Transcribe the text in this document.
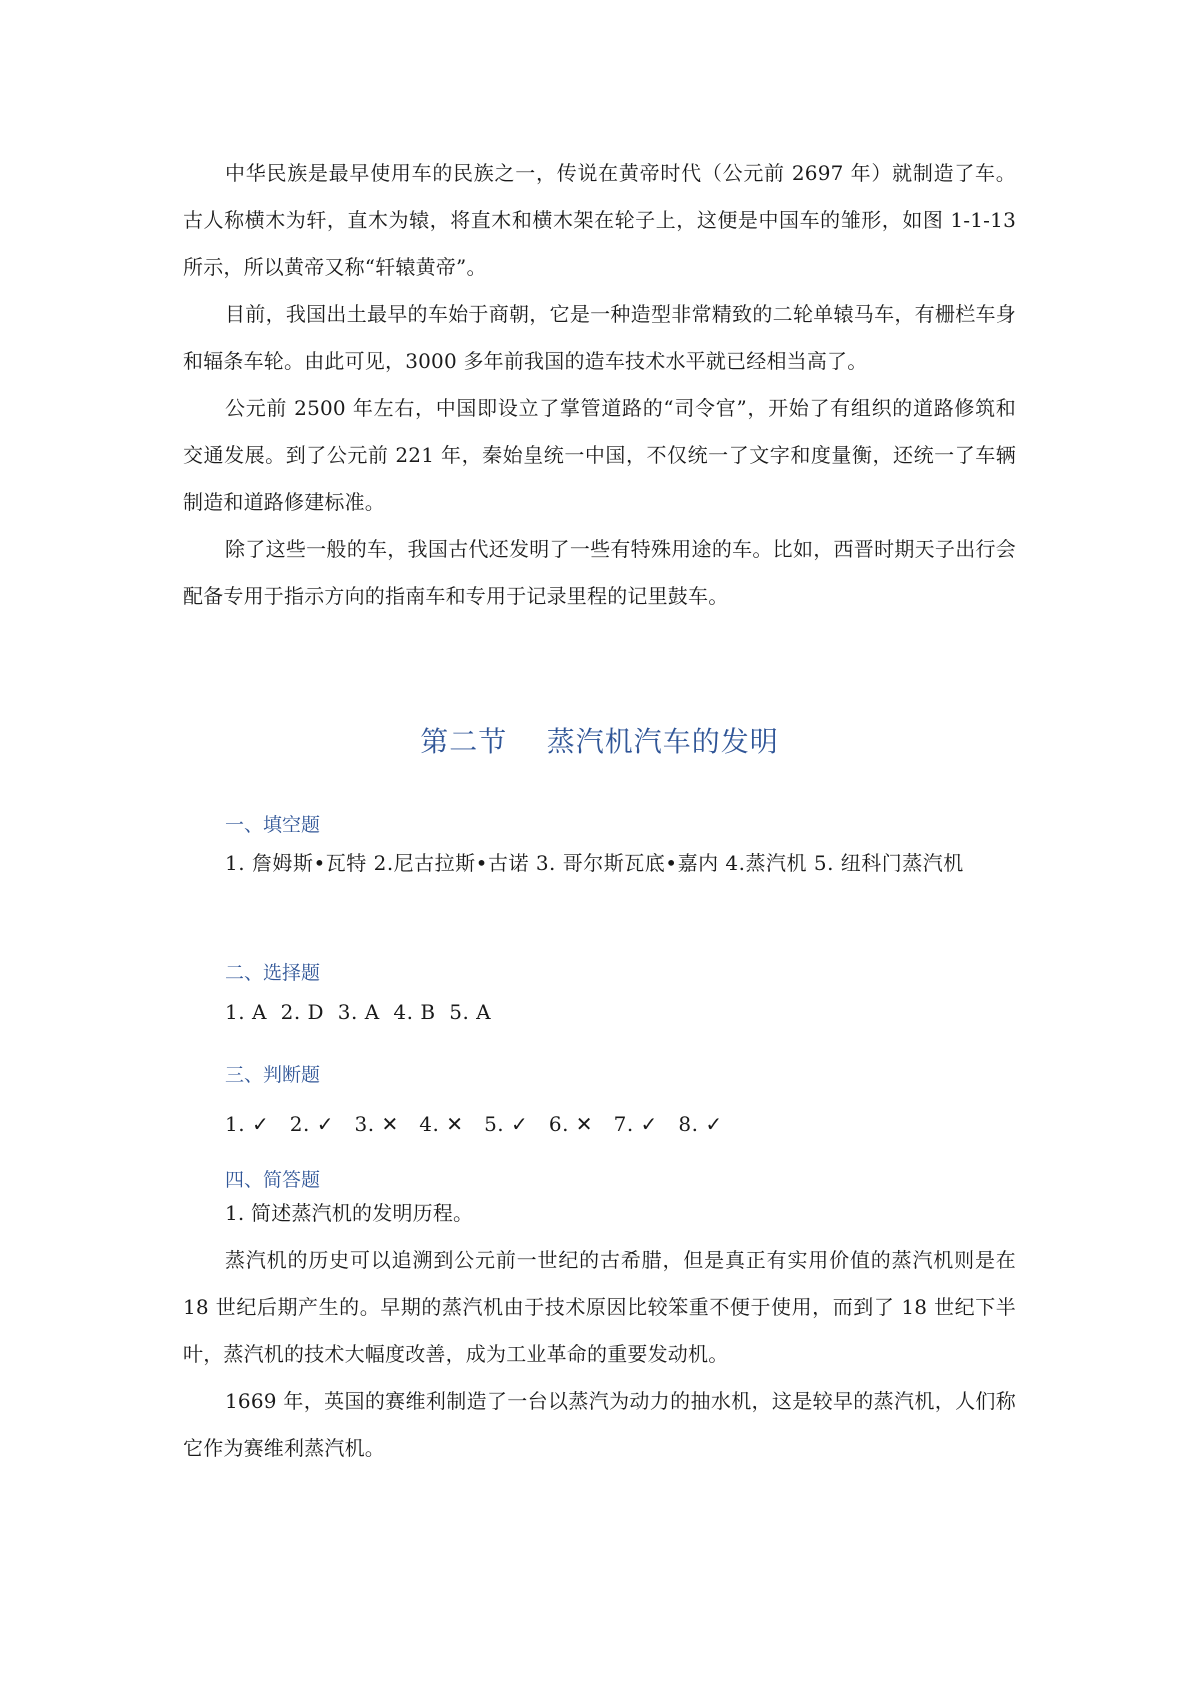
中华民族是最早使用车的民族之一，传说在黄帝时代（公元前 2697 年）就制造了车。古人称横木为轩，直木为辕，将直木和横木架在轮子上，这便是中国车的雏形，如图 1-1-13 所示，所以黄帝又称“轩辕黄帝”。

目前，我国出土最早的车始于商朝，它是一种造型非常精致的二轮单辕马车，有栅栏车身和辐条车轮。由此可见，3000 多年前我国的造车技术水平就已经相当高了。

公元前 2500 年左右，中国即设立了掌管道路的“司令官”，开始了有组织的道路修筑和交通发展。到了公元前 221 年，秦始皇统一中国，不仅统一了文字和度量衡，还统一了车辆制造和道路修建标准。

除了这些一般的车，我国古代还发明了一些有特殊用途的车。比如，西晋时期天子出行会配备专用于指示方向的指南车和专用于记录里程的记里鼓车。

第二节    蒸汽机汽车的发明

一、填空题

1. 詹姆斯•瓦特 2.尼古拉斯•古诺 3. 哥尔斯瓦底•嘉内 4.蒸汽机 5. 纽科门蒸汽机

二、选择题

1. A  2. D  3. A  4. B  5. A

三、判断题

1. ✓   2. ✓   3. ✕   4. ✕   5. ✓   6. ✕   7. ✓   8. ✓

四、简答题

1. 简述蒸汽机的发明历程。

蒸汽机的历史可以追溯到公元前一世纪的古希腊，但是真正有实用价值的蒸汽机则是在 18 世纪后期产生的。早期的蒸汽机由于技术原因比较笨重不便于使用，而到了 18 世纪下半叶，蒸汽机的技术大幅度改善，成为工业革命的重要发动机。

1669 年，英国的赛维利制造了一台以蒸汽为动力的抽水机，这是较早的蒸汽机，人们称它作为赛维利蒸汽机。
